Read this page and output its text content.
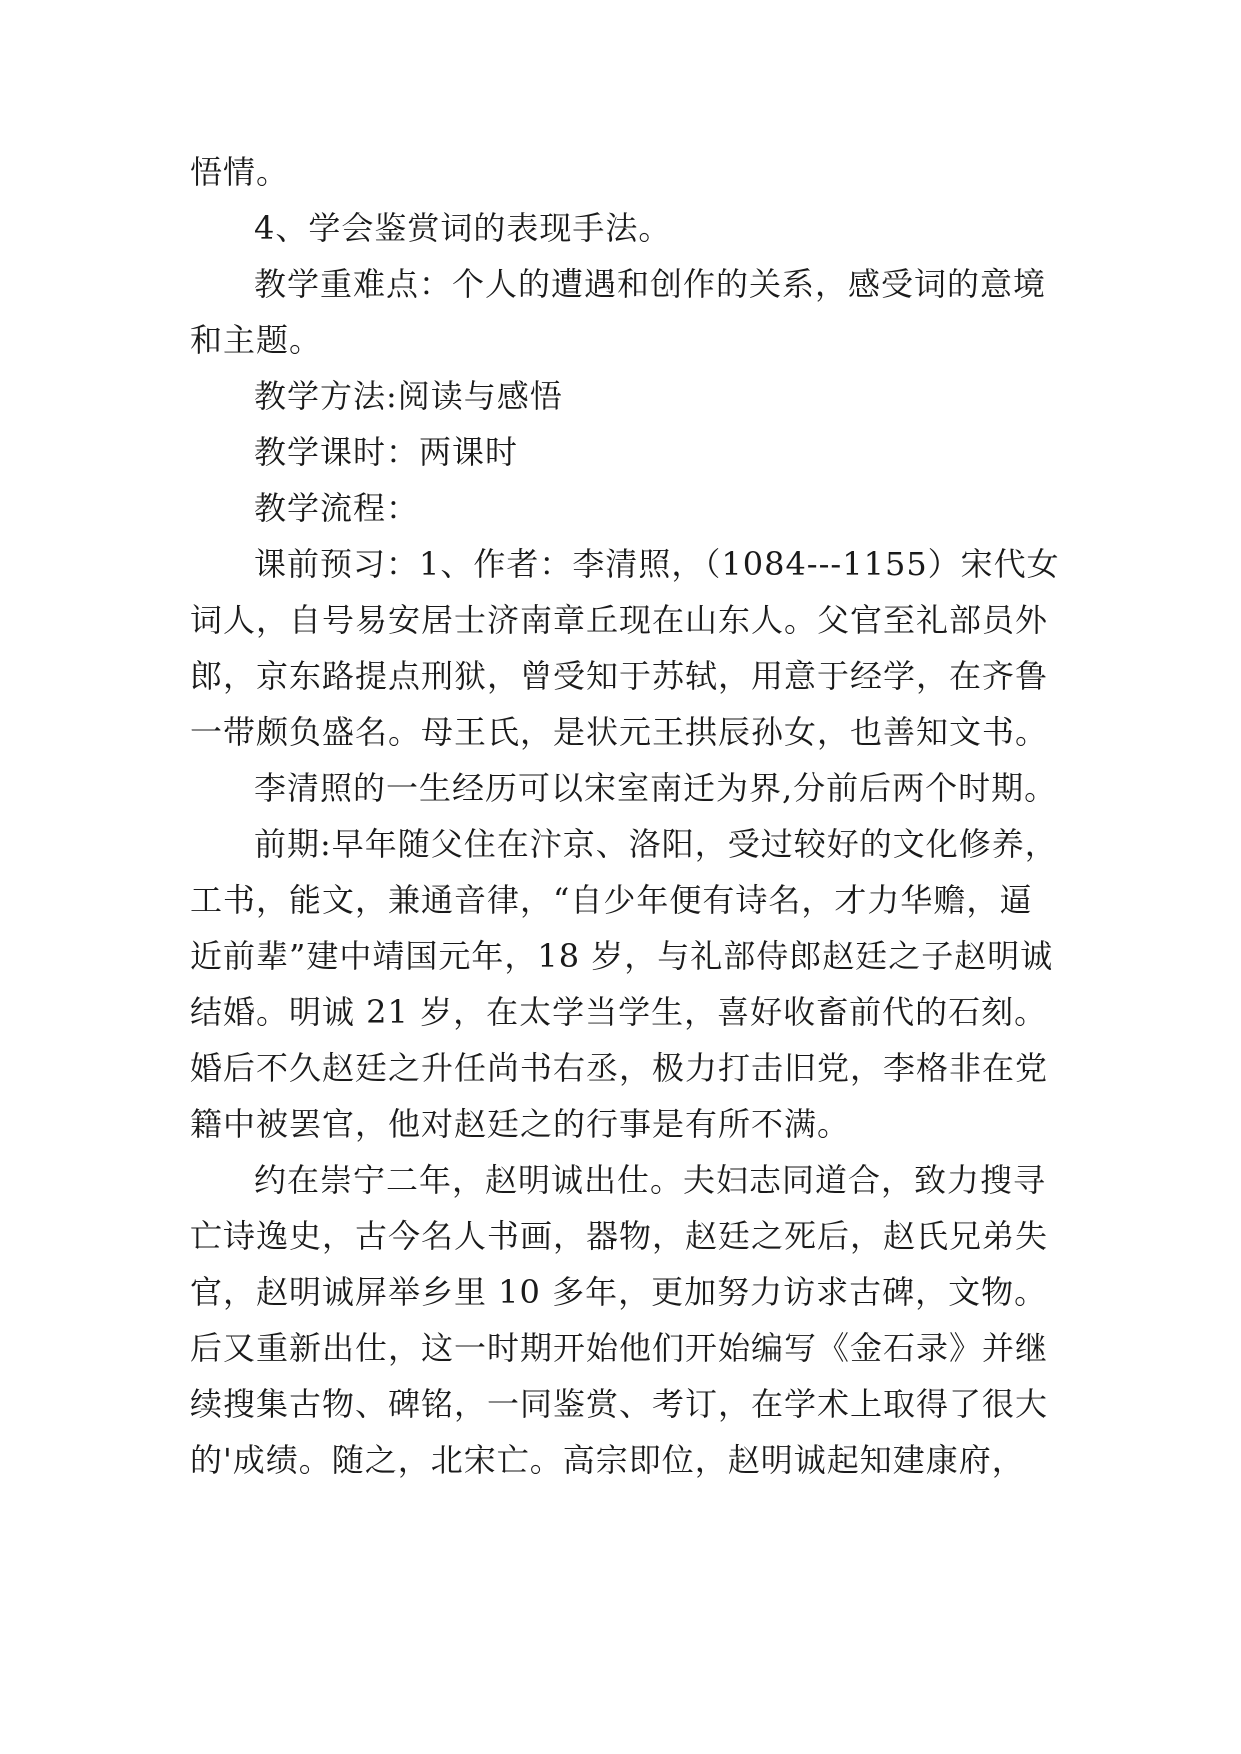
悟情。
4、学会鉴赏词的表现手法。
教学重难点：个人的遭遇和创作的关系，感受词的意境
和主题。
教学方法:阅读与感悟
教学课时：两课时
教学流程：
课前预习：1、作者：李清照，（1084---1155）宋代女
词人，自号易安居士济南章丘现在山东人。父官至礼部员外
郎，京东路提点刑狱，曾受知于苏轼，用意于经学，在齐鲁
一带颇负盛名。母王氏，是状元王拱辰孙女，也善知文书。
李清照的一生经历可以宋室南迁为界,分前后两个时期。
前期:早年随父住在汴京、洛阳，受过较好的文化修养，
工书，能文，兼通音律，“自少年便有诗名，才力华赡，逼
近前辈”建中靖国元年，18 岁，与礼部侍郎赵廷之子赵明诚
结婚。明诚 21 岁，在太学当学生，喜好收畜前代的石刻。
婚后不久赵廷之升任尚书右丞，极力打击旧党，李格非在党
籍中被罢官，他对赵廷之的行事是有所不满。
约在崇宁二年，赵明诚出仕。夫妇志同道合，致力搜寻
亡诗逸史，古今名人书画，器物，赵廷之死后，赵氏兄弟失
官，赵明诚屏举乡里 10 多年，更加努力访求古碑，文物。
后又重新出仕，这一时期开始他们开始编写《金石录》并继
续搜集古物、碑铭，一同鉴赏、考订，在学术上取得了很大
的'成绩。随之，北宋亡。高宗即位，赵明诚起知建康府，
